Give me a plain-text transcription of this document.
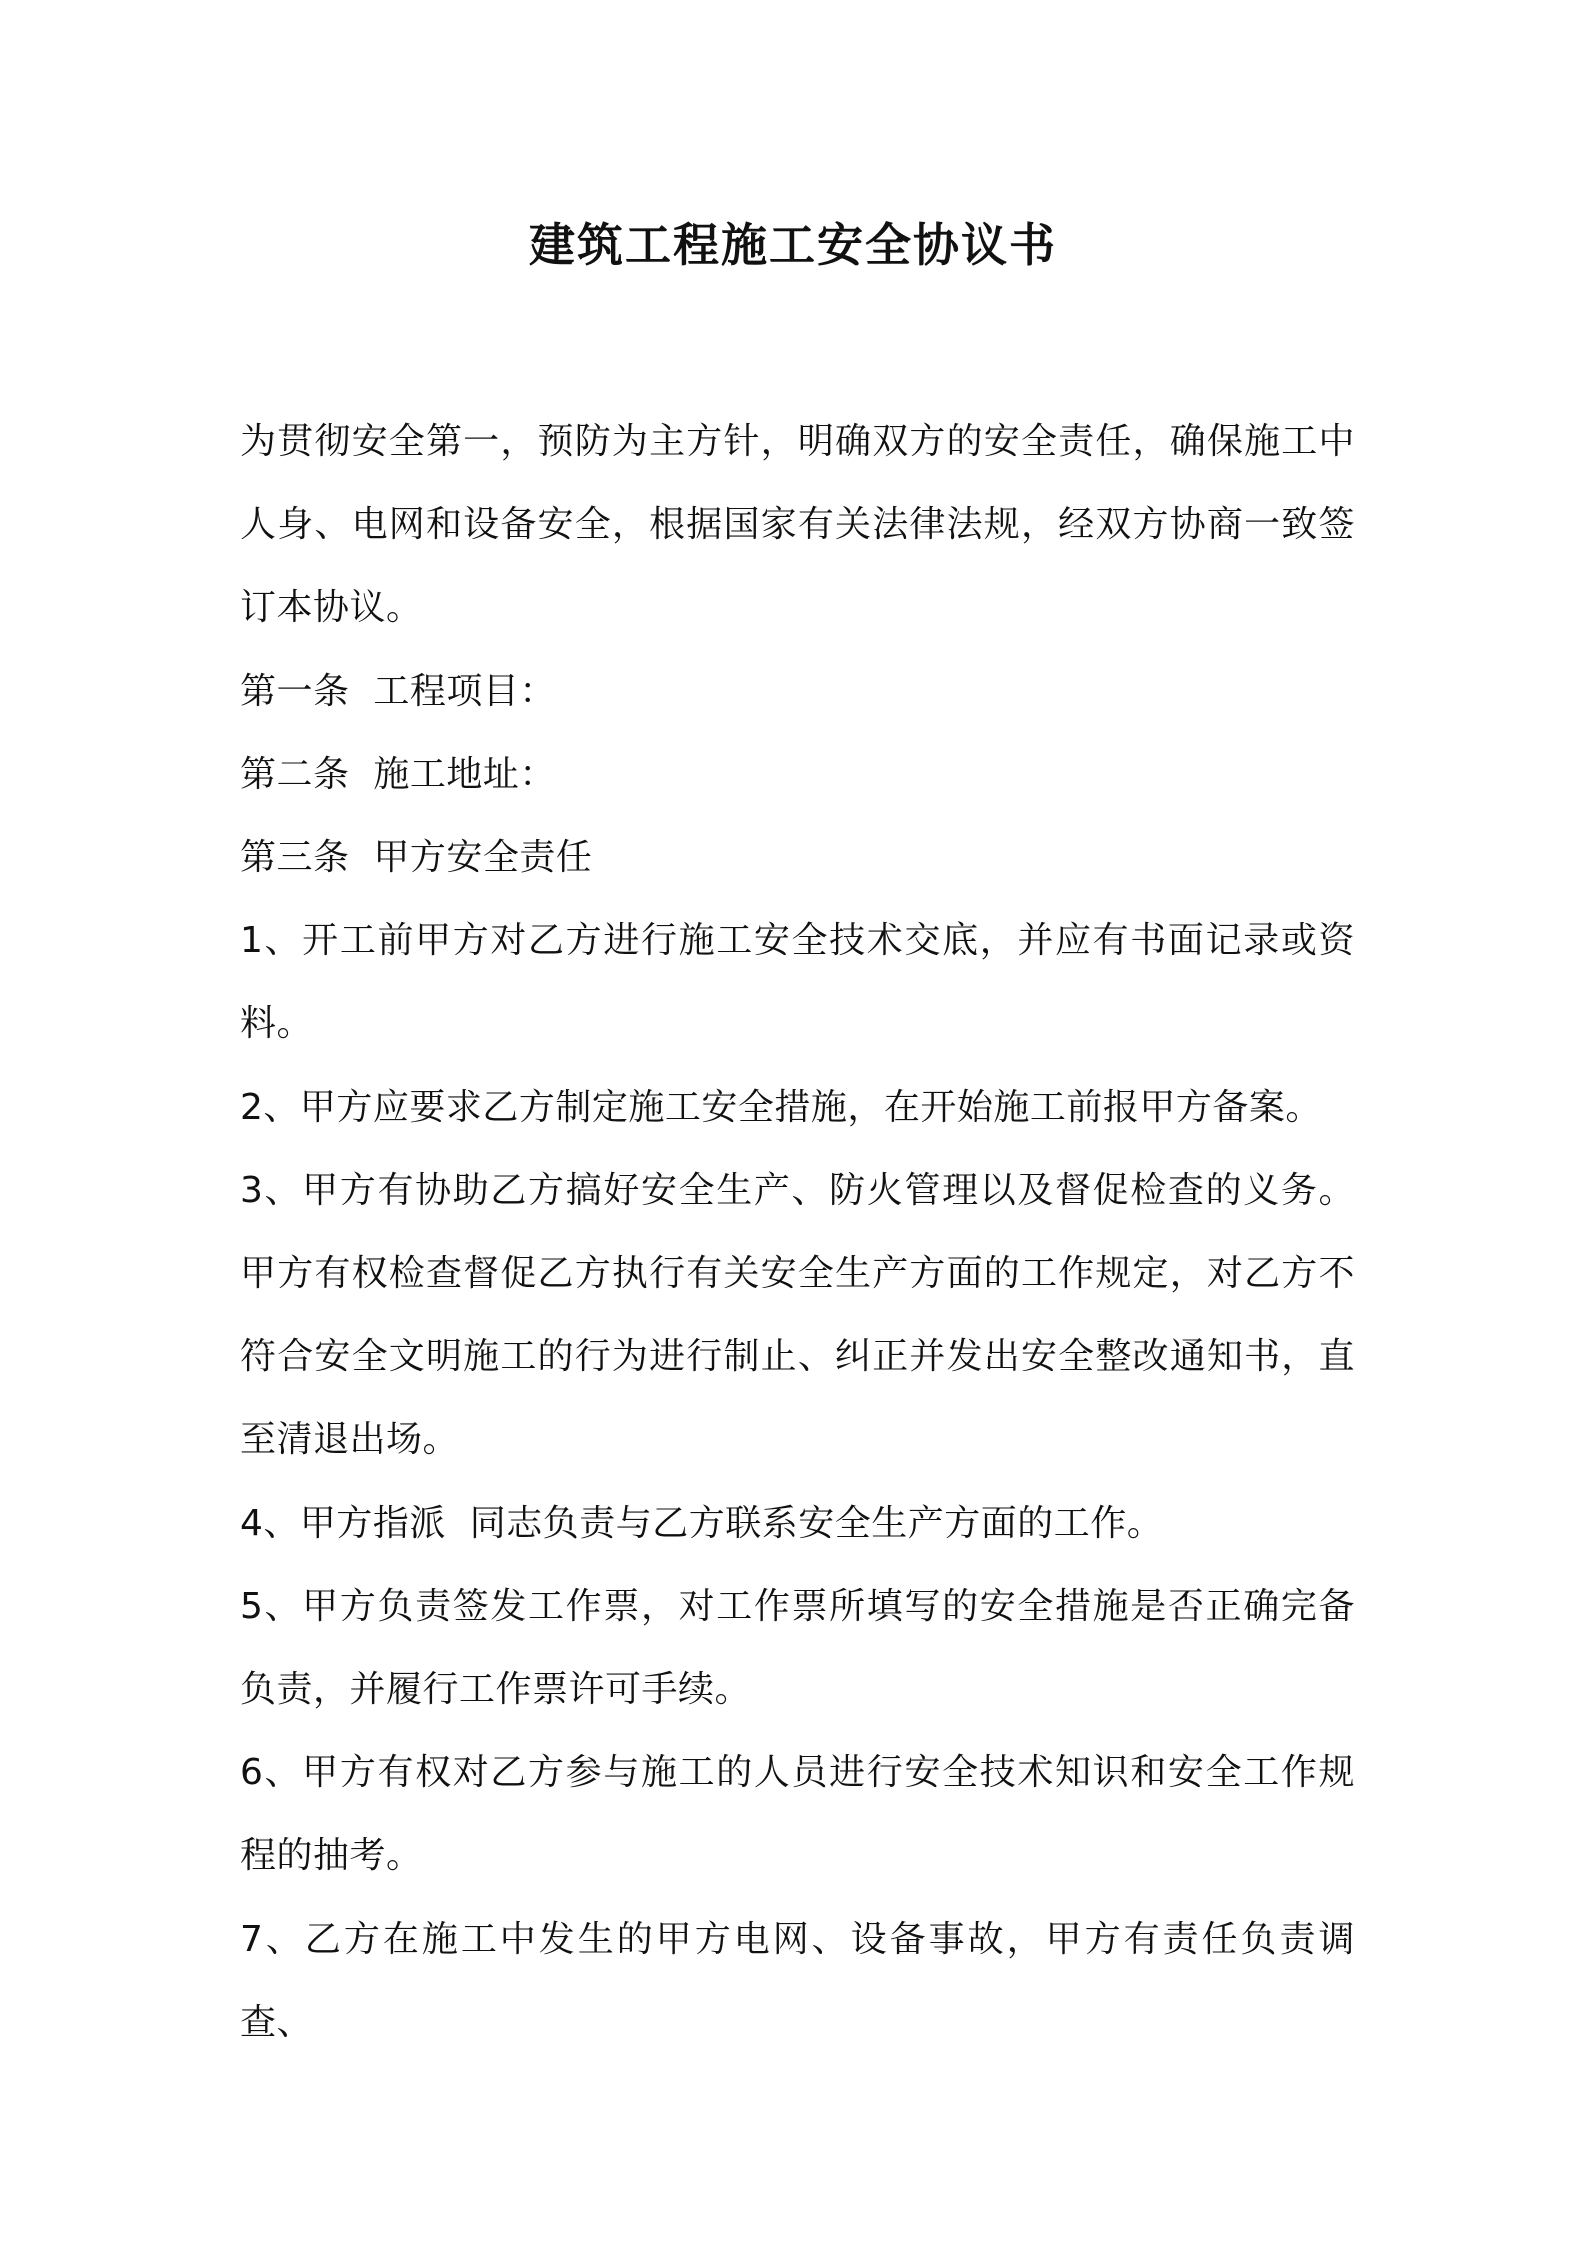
建筑工程施工安全协议书

为贯彻安全第一，预防为主方针，明确双方的安全责任，确保施工中人身、电网和设备安全，根据国家有关法律法规，经双方协商一致签订本协议。

第一条  工程项目：

第二条  施工地址：

第三条  甲方安全责任

1、开工前甲方对乙方进行施工安全技术交底，并应有书面记录或资料。

2、甲方应要求乙方制定施工安全措施，在开始施工前报甲方备案。

3、甲方有协助乙方搞好安全生产、防火管理以及督促检查的义务。甲方有权检查督促乙方执行有关安全生产方面的工作规定，对乙方不符合安全文明施工的行为进行制止、纠正并发出安全整改通知书，直至清退出场。

4、甲方指派  同志负责与乙方联系安全生产方面的工作。

5、甲方负责签发工作票，对工作票所填写的安全措施是否正确完备负责，并履行工作票许可手续。

6、甲方有权对乙方参与施工的人员进行安全技术知识和安全工作规程的抽考。

7、乙方在施工中发生的甲方电网、设备事故，甲方有责任负责调查、
